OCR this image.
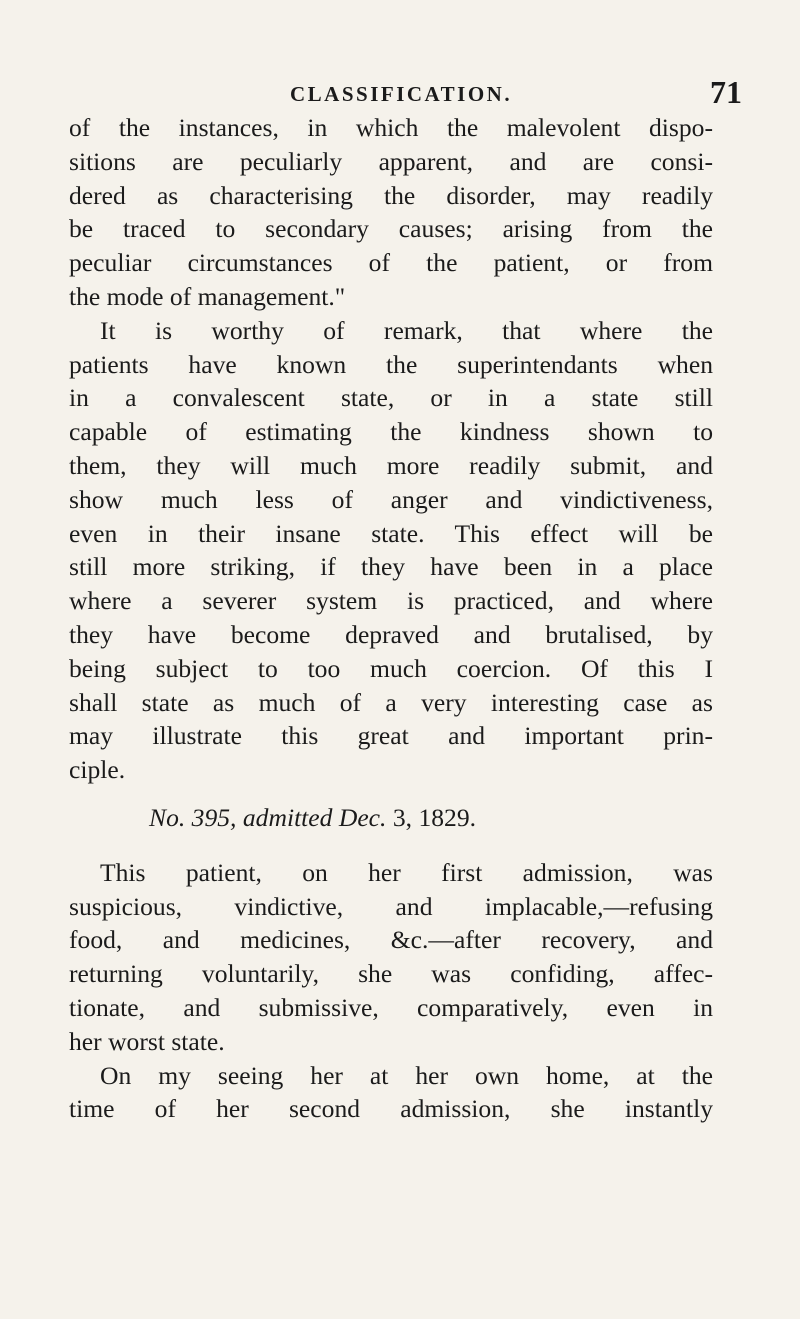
CLASSIFICATION.	71
of the instances, in which the malevolent dispo-
sitions are peculiarly apparent, and are consi-
dered as characterising the disorder, may readily
be traced to secondary causes; arising from the
peculiar circumstances of the patient, or from
the mode of management."
It is worthy of remark, that where the
patients have known the superintendants when
in a convalescent state, or in a state still
capable of estimating the kindness shown to
them, they will much more readily submit, and
show much less of anger and vindictiveness,
even in their insane state. This effect will be
still more striking, if they have been in a place
where a severer system is practiced, and where
they have become depraved and brutalised, by
being subject to too much coercion. Of this I
shall state as much of a very interesting case as
may illustrate this great and important prin-
ciple.
No. 395, admitted Dec. 3, 1829.
This patient, on her first admission, was
suspicious, vindictive, and implacable,—refusing
food, and medicines, &c.—after recovery, and
returning voluntarily, she was confiding, affec-
tionate, and submissive, comparatively, even in
her worst state.
On my seeing her at her own home, at the
time of her second admission, she instantly
